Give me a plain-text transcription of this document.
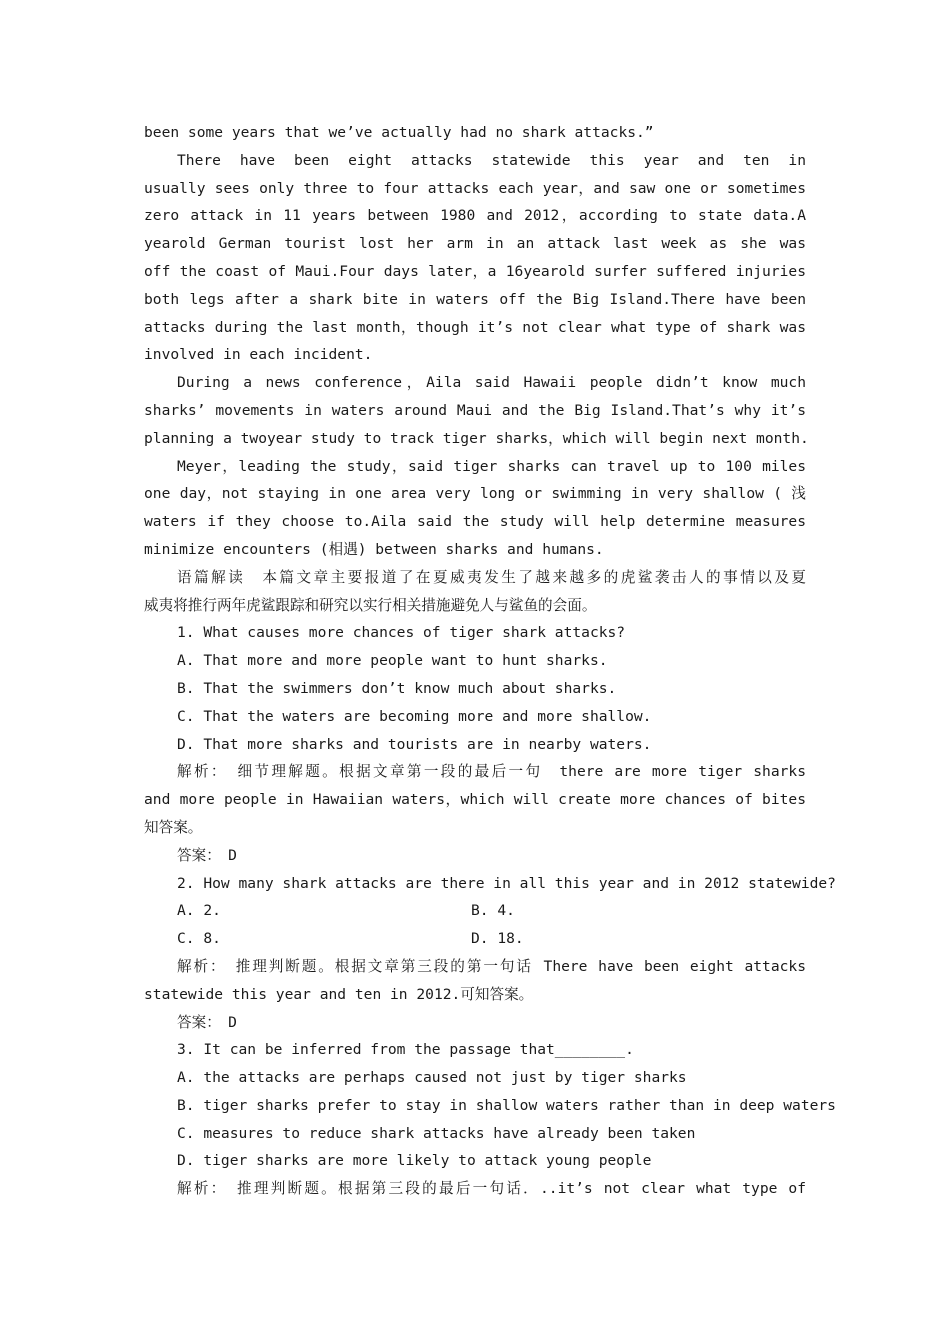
been some years that we’ve actually had no shark attacks.”
There have been eight attacks statewide this year and ten in
usually sees only three to four attacks each year，and saw one or sometimes
zero attack in 11 years between 1980 and 2012，according to state data.A
yearold German tourist lost her arm in an attack last week as she was
off the coast of Maui.Four days later，a 16yearold surfer suffered injuries
both legs after a shark bite in waters off the Big Island.There have been
attacks during the last month，though it’s not clear what type of shark was
involved in each incident.
During a news conference，Aila said Hawaii people didn’t know much
sharks’ movements in waters around Maui and the Big Island.That’s why it’s
planning a twoyear study to track tiger sharks，which will begin next month.
Meyer，leading the study，said tiger sharks can travel up to 100 miles
one day，not staying in one area very long or swimming in very shallow ( 浅
waters if they choose to.Aila said the study will help determine measures
minimize encounters (相遇) between sharks and humans.
语篇解读　本篇文章主要报道了在夏威夷发生了越来越多的虎鲨袭击人的事情以及夏
威夷将推行两年虎鲨跟踪和研究以实行相关措施避免人与鲨鱼的会面。
1. What causes more chances of tiger shark attacks?
A. That more and more people want to hunt sharks.
B. That the swimmers don’t know much about sharks.
C. That the waters are becoming more and more shallow.
D. That more sharks and tourists are in nearby waters.
解析：　细节理解题。根据文章第一段的最后一句　there are more tiger sharks
and more people in Hawaiian waters，which will create more chances of bites
知答案。
答案：　D
2. How many shark attacks are there in all this year and in 2012 statewide?
A. 2.	B. 4.
C. 8.	D. 18.
解析：　推理判断题。根据文章第三段的第一句话 There have been eight attacks
statewide this year and ten in 2012.可知答案。
答案：　D
3. It can be inferred from the passage that________.
A. the attacks are perhaps caused not just by tiger sharks
B. tiger sharks prefer to stay in shallow waters rather than in deep waters
C. measures to reduce shark attacks have already been taken
D. tiger sharks are more likely to attack young people
解析：　推理判断题。根据第三段的最后一句话．..it’s not clear what type of
